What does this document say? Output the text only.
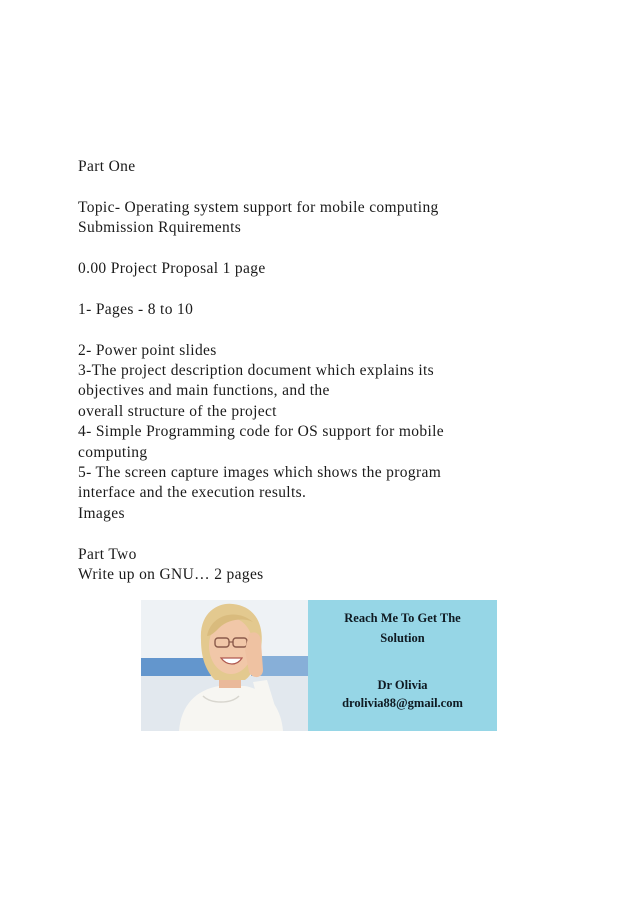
Part One
Topic- Operating system support for mobile computing
Submission Rquirements
0.00 Project Proposal 1 page
1- Pages - 8 to 10
2- Power point slides
3-The project description document which explains its
objectives and main functions, and the
overall structure of the project
4- Simple Programming code for OS support for mobile
computing
5- The screen capture images which shows the program
interface and the execution results.
Images
Part Two
Write up on GNU… 2 pages
Reach Me To Get The
Solution
Dr Olivia
drolivia88@gmail.com
